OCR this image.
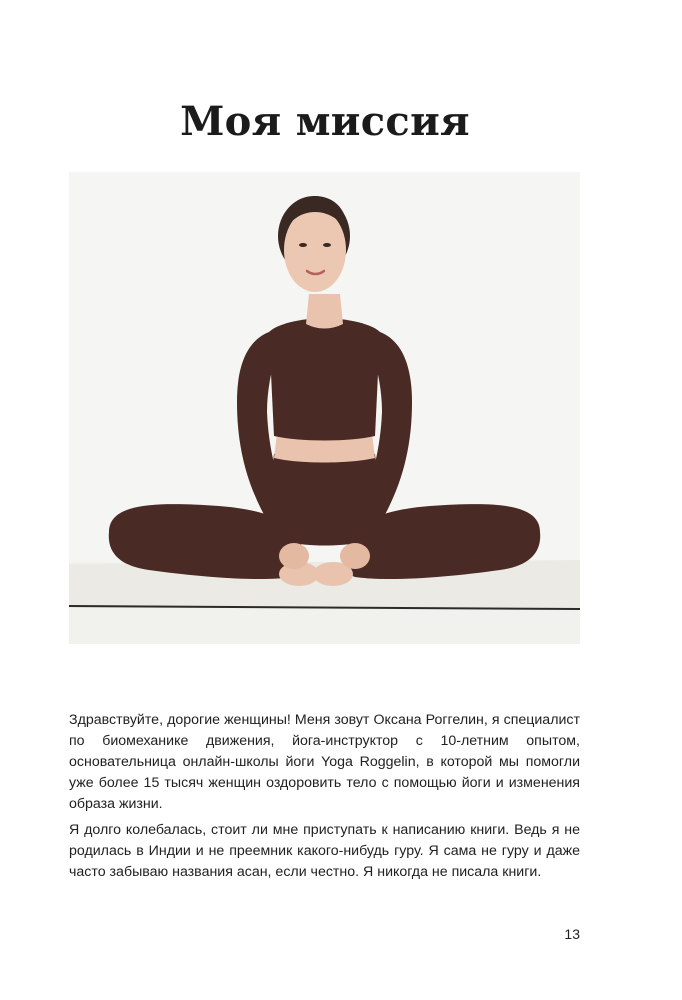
Моя миссия

Здравствуйте, дорогие женщины! Меня зовут Оксана Роггелин, я специалист по биомеханике движения, йога-инструктор с 10-летним опытом, основательница онлайн-школы йоги Yoga Roggelin, в которой мы помогли уже более 15 тысяч женщин оздоровить тело с помощью йоги и изменения образа жизни.

Я долго колебалась, стоит ли мне приступать к написанию книги. Ведь я не родилась в Индии и не преемник какого-нибудь гуру. Я сама не гуру и даже часто забываю названия асан, если честно. Я никогда не писала книги.

13
